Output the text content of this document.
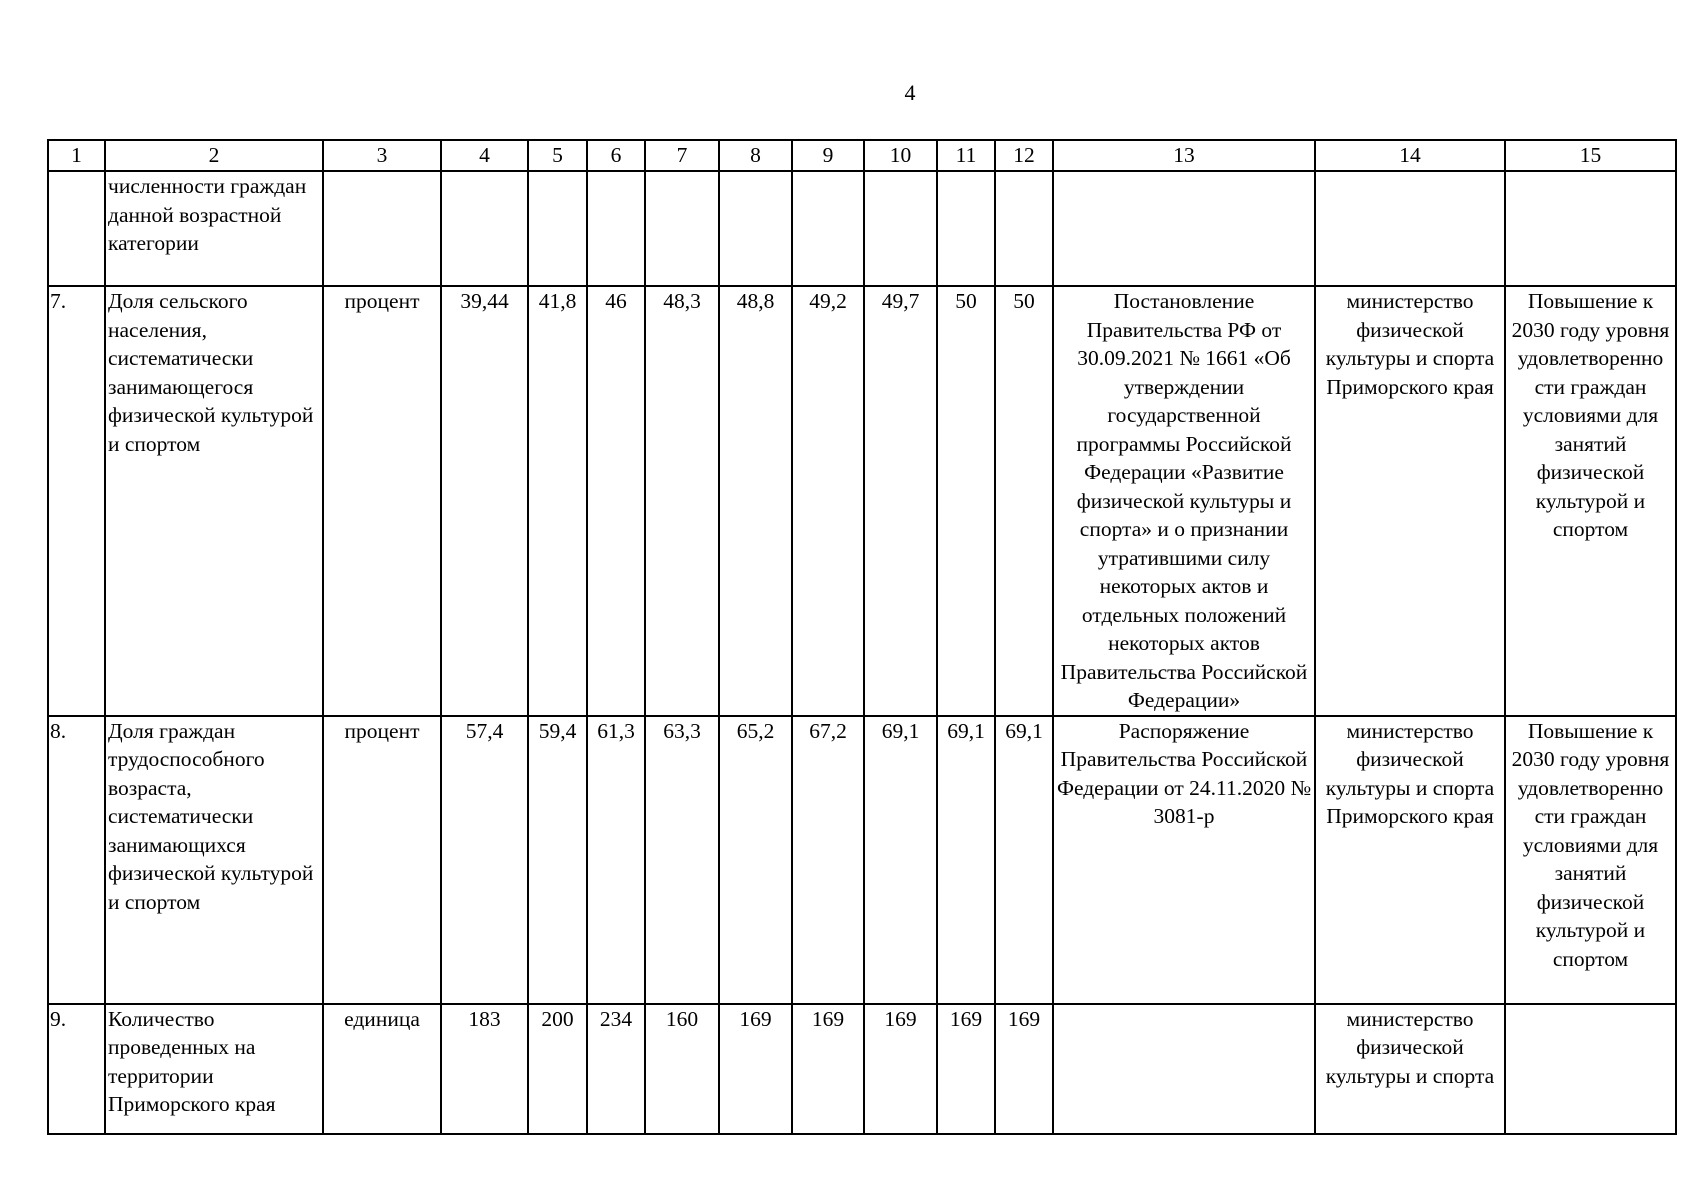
4
1	2	3	4	5	6	7	8	9	10	11	12	13	14	15
	численности граждан данной возрастной категории													
7.	Доля сельского населения, систематически занимающегося физической культурой и спортом	процент	39,44	41,8	46	48,3	48,8	49,2	49,7	50	50	Постановление Правительства РФ от 30.09.2021 № 1661 «Об утверждении государственной программы Российской Федерации «Развитие физической культуры и спорта» и о признании утратившими силу некоторых актов и отдельных положений некоторых актов Правительства Российской Федерации»	министерство физической культуры и спорта Приморского края	Повышение к 2030 году уровня удовлетворенно сти граждан условиями для занятий физической культурой и спортом
8.	Доля граждан трудоспособного возраста, систематически занимающихся физической культурой и спортом	процент	57,4	59,4	61,3	63,3	65,2	67,2	69,1	69,1	69,1	Распоряжение Правительства Российской Федерации от 24.11.2020 № 3081-р	министерство физической культуры и спорта Приморского края	Повышение к 2030 году уровня удовлетворенно сти граждан условиями для занятий физической культурой и спортом
9.	Количество проведенных на территории Приморского края	единица	183	200	234	160	169	169	169	169	169		министерство физической культуры и спорта	
